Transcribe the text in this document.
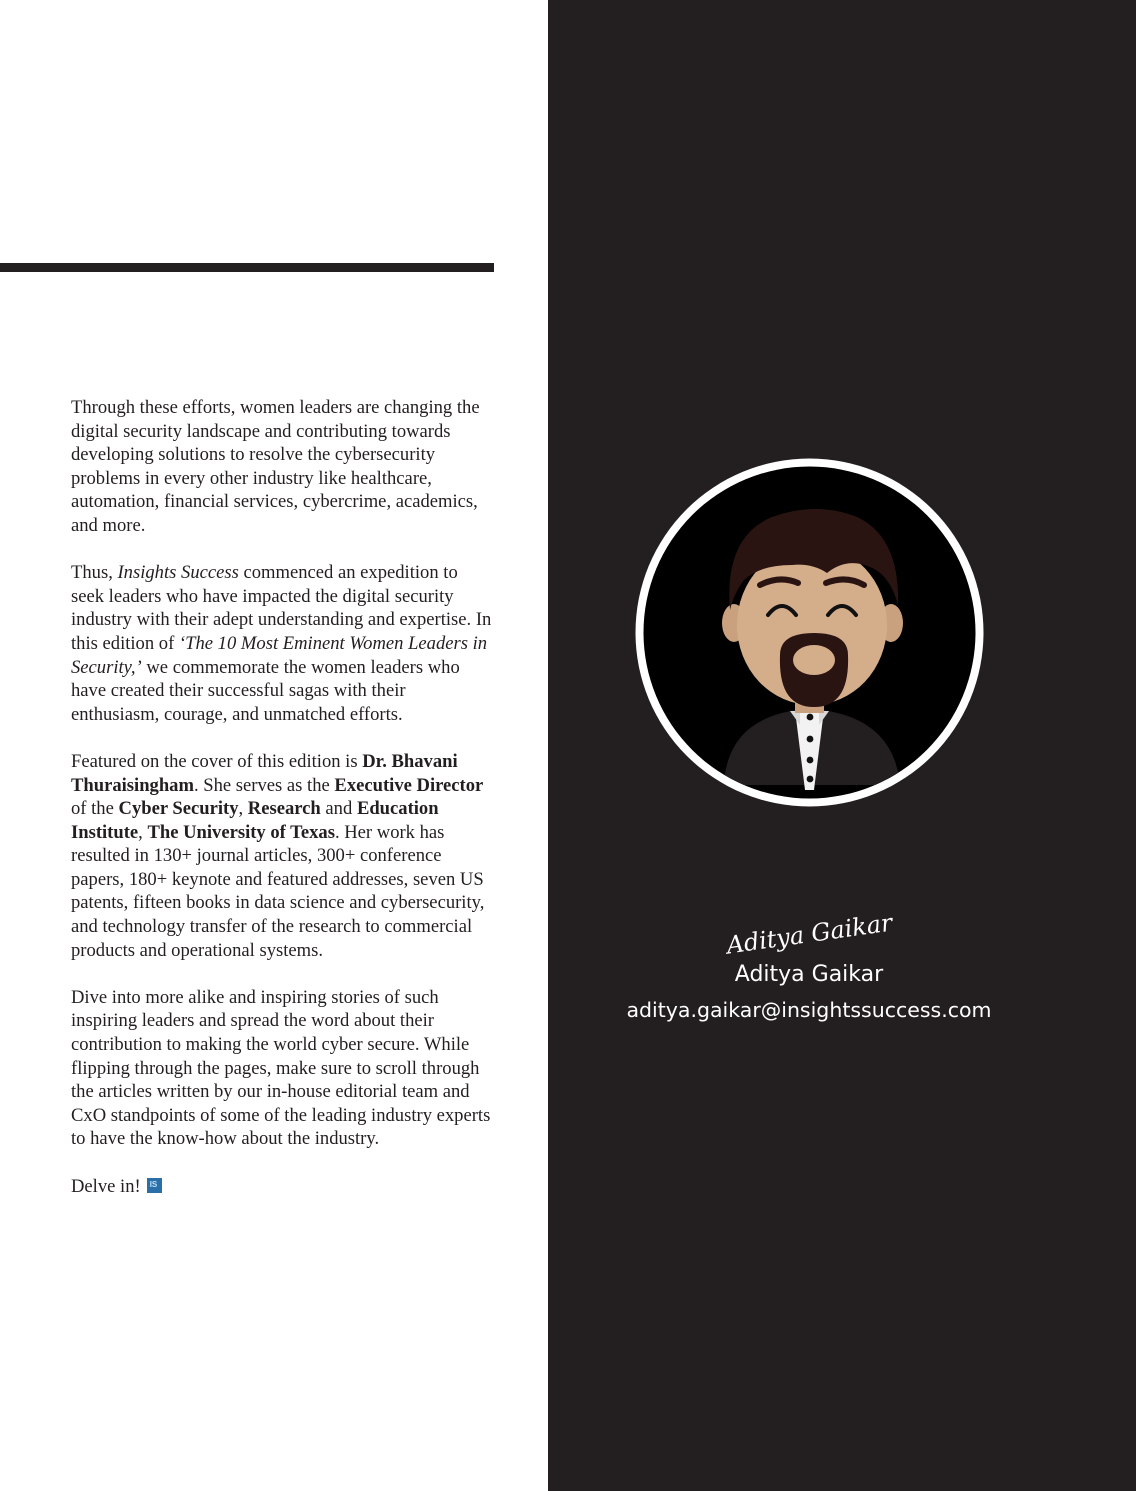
Through these efforts, women leaders are changing the digital security landscape and contributing towards developing solutions to resolve the cybersecurity problems in every other industry like healthcare, automation, financial services, cybercrime, academics, and more.

Thus, Insights Success commenced an expedition to seek leaders who have impacted the digital security industry with their adept understanding and expertise. In this edition of ‘The 10 Most Eminent Women Leaders in Security,’ we commemorate the women leaders who have created their successful sagas with their enthusiasm, courage, and unmatched efforts.

Featured on the cover of this edition is Dr. Bhavani Thuraisingham. She serves as the Executive Director of the Cyber Security, Research and Education Institute, The University of Texas. Her work has resulted in 130+ journal articles, 300+ conference papers, 180+ keynote and featured addresses, seven US patents, fifteen books in data science and cybersecurity, and technology transfer of the research to commercial products and operational systems.

Dive into more alike and inspiring stories of such inspiring leaders and spread the word about their contribution to making the world cyber secure. While flipping through the pages, make sure to scroll through the articles written by our in-house editorial team and CxO standpoints of some of the leading industry experts to have the know-how about the industry.

Delve in! IS

Aditya Gaikar
Aditya Gaikar
aditya.gaikar@insightssuccess.com
